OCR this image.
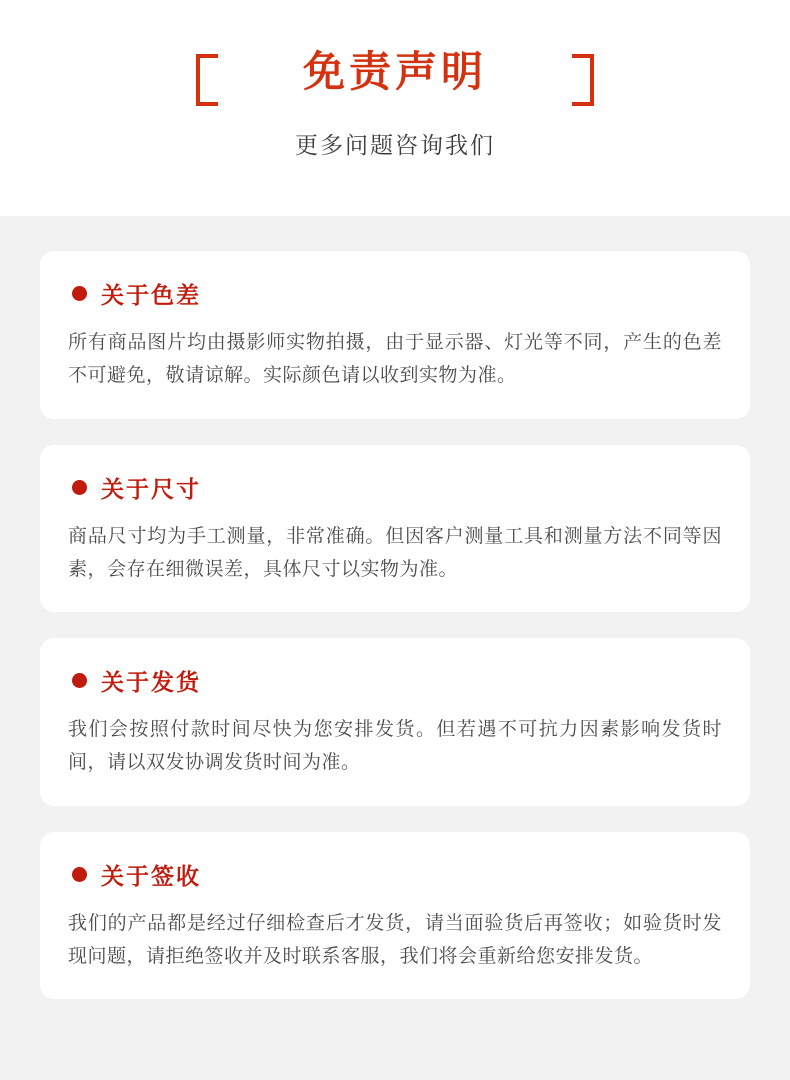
免责声明
更多问题咨询我们
关于色差
所有商品图片均由摄影师实物拍摄，由于显示器、灯光等不同，产生的色差不可避免，敬请谅解。实际颜色请以收到实物为准。
关于尺寸
商品尺寸均为手工测量，非常准确。但因客户测量工具和测量方法不同等因素，会存在细微误差，具体尺寸以实物为准。
关于发货
我们会按照付款时间尽快为您安排发货。但若遇不可抗力因素影响发货时间，请以双发协调发货时间为准。
关于签收
我们的产品都是经过仔细检查后才发货，请当面验货后再签收；如验货时发现问题，请拒绝签收并及时联系客服，我们将会重新给您安排发货。
